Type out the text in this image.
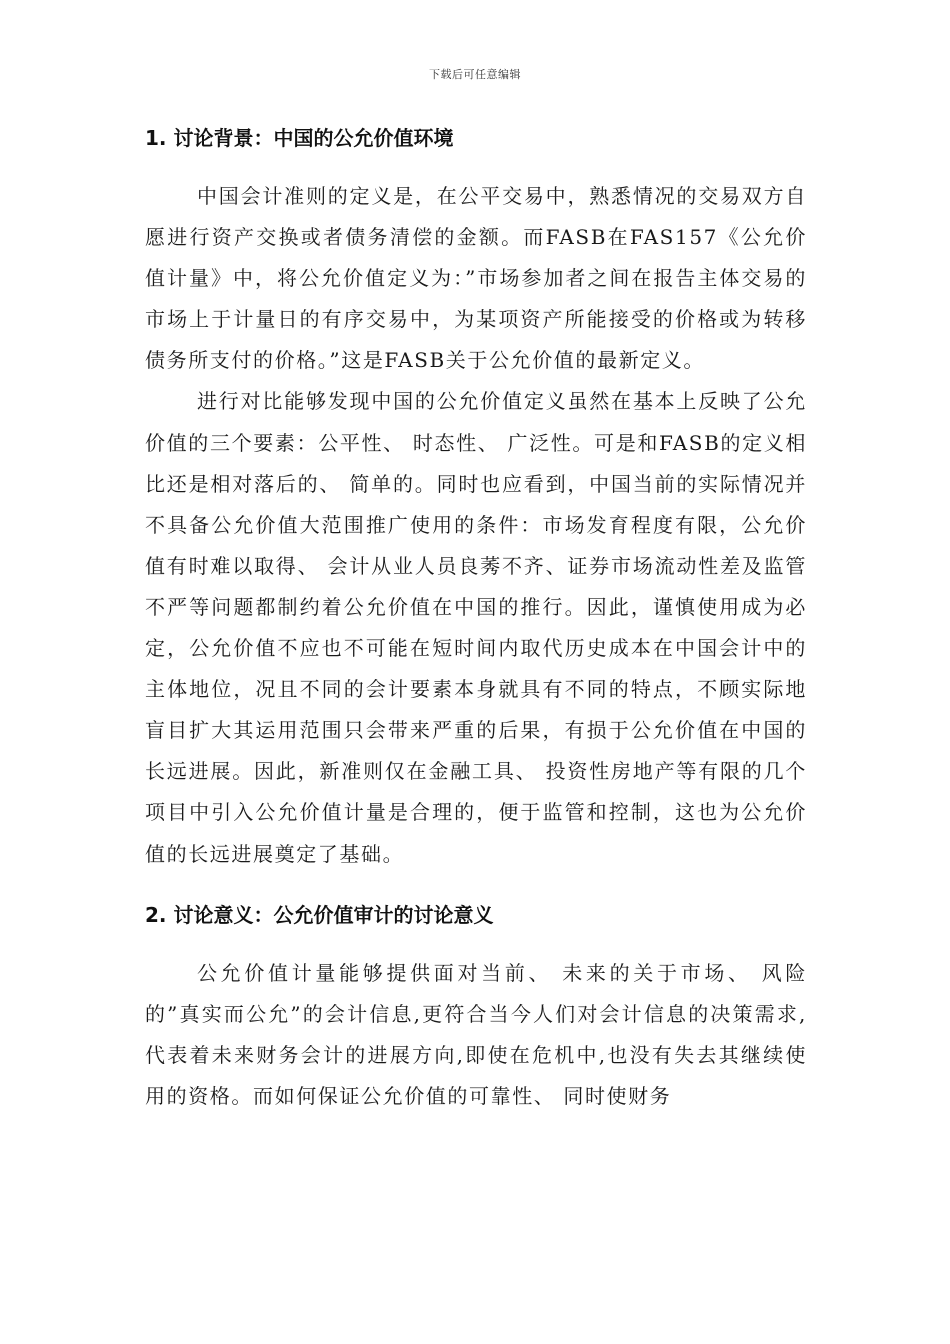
下载后可任意编辑
1. 讨论背景：中国的公允价值环境

中国会计准则的定义是，在公平交易中，熟悉情况的交易双方自愿进行资产交换或者债务清偿的金额。而FASB在FAS157《公允价值计量》中，将公允价值定义为：”市场参加者之间在报告主体交易的市场上于计量日的有序交易中，为某项资产所能接受的价格或为转移债务所支付的价格。”这是FASB关于公允价值的最新定义。

进行对比能够发现中国的公允价值定义虽然在基本上反映了公允价值的三个要素：公平性、 时态性、 广泛性。可是和FASB的定义相比还是相对落后的、 简单的。同时也应看到，中国当前的实际情况并不具备公允价值大范围推广使用的条件：市场发育程度有限，公允价值有时难以取得、 会计从业人员良莠不齐、证券市场流动性差及监管不严等问题都制约着公允价值在中国的推行。因此，谨慎使用成为必定，公允价值不应也不可能在短时间内取代历史成本在中国会计中的主体地位，况且不同的会计要素本身就具有不同的特点，不顾实际地盲目扩大其运用范围只会带来严重的后果，有损于公允价值在中国的长远进展。因此，新准则仅在金融工具、 投资性房地产等有限的几个项目中引入公允价值计量是合理的，便于监管和控制，这也为公允价值的长远进展奠定了基础。

2. 讨论意义：公允价值审计的讨论意义

公允价值计量能够提供面对当前、 未来的关于市场、 风险的”真实而公允”的会计信息,更符合当今人们对会计信息的决策需求,代表着未来财务会计的进展方向,即使在危机中,也没有失去其继续使用的资格。而如何保证公允价值的可靠性、 同时使财务
